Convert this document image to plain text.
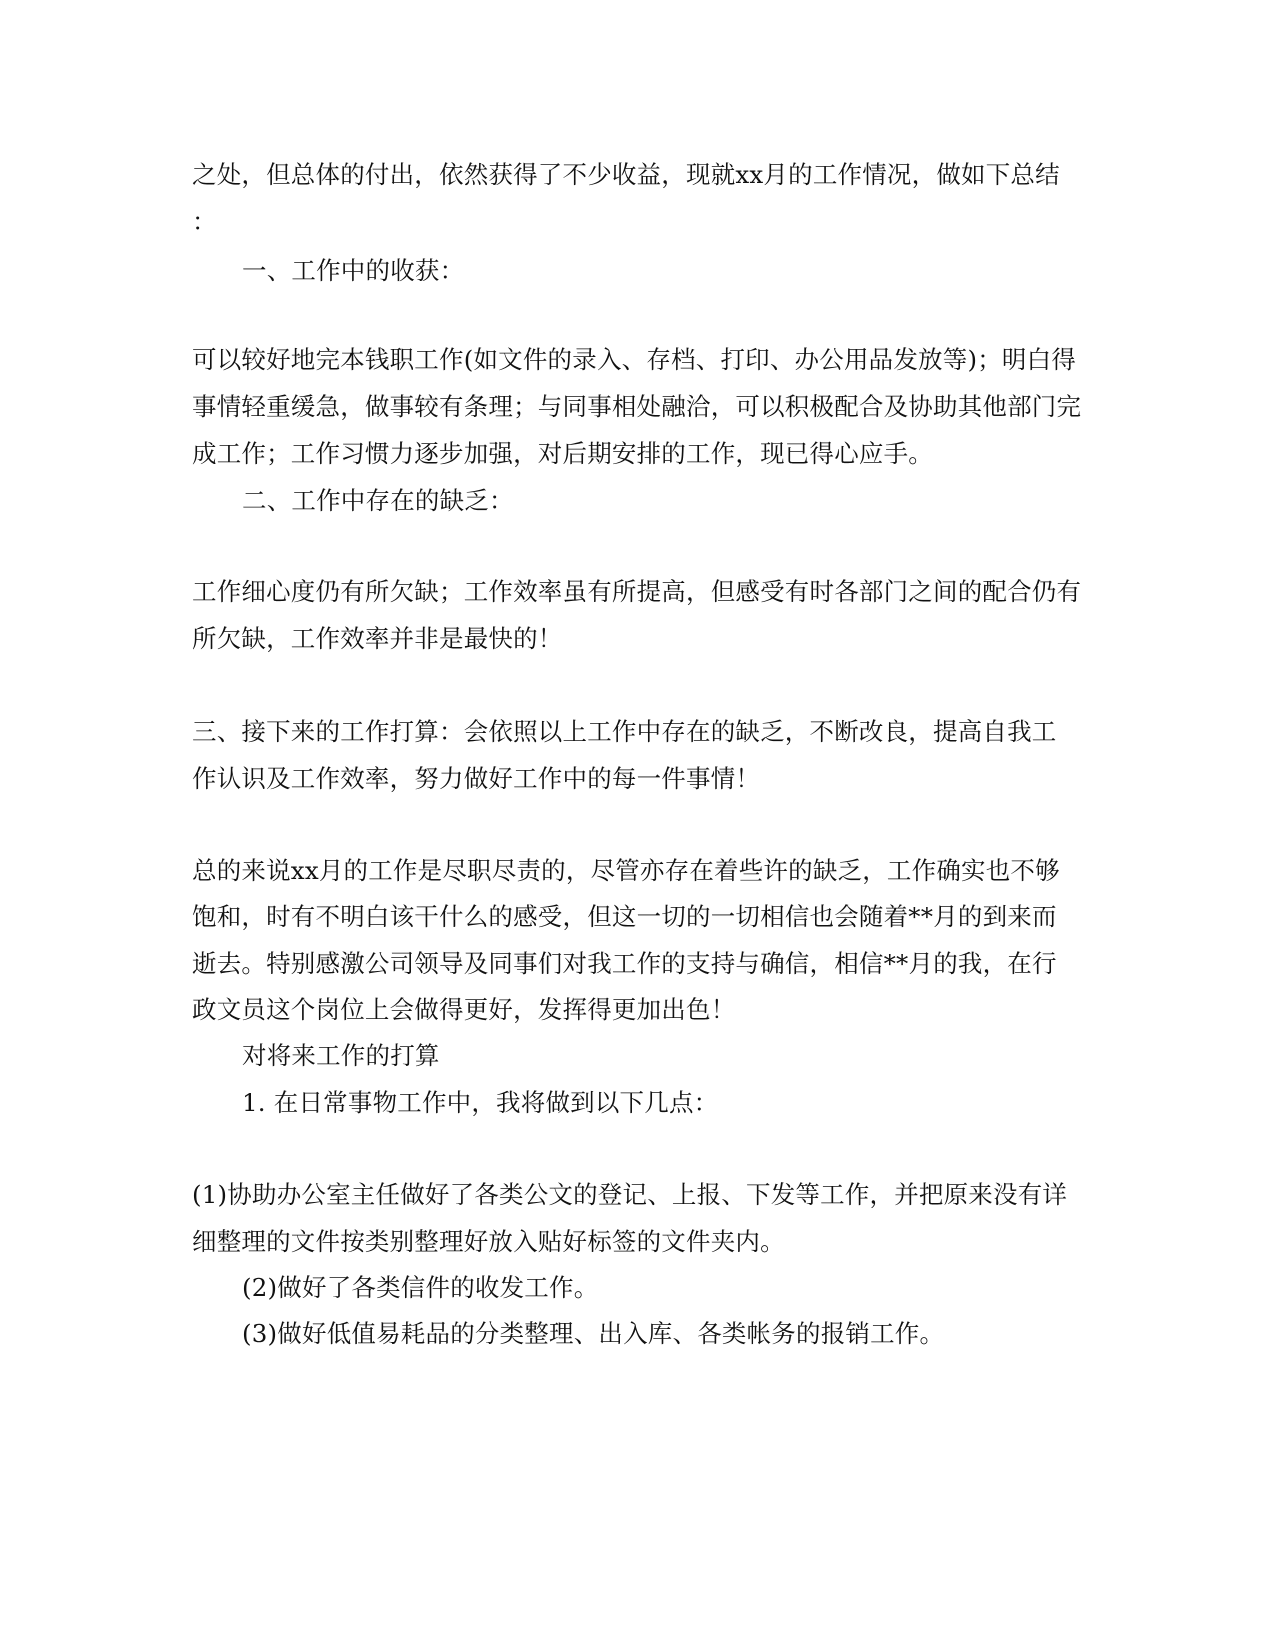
之处，但总体的付出，依然获得了不少收益，现就xx月的工作情况，做如下总结
：
一、工作中的收获：
可以较好地完本钱职工作(如文件的录入、存档、打印、办公用品发放等)；明白得
事情轻重缓急，做事较有条理；与同事相处融洽，可以积极配合及协助其他部门完
成工作；工作习惯力逐步加强，对后期安排的工作，现已得心应手。
二、工作中存在的缺乏：
工作细心度仍有所欠缺；工作效率虽有所提高，但感受有时各部门之间的配合仍有
所欠缺，工作效率并非是最快的！
三、接下来的工作打算：会依照以上工作中存在的缺乏，不断改良，提高自我工
作认识及工作效率，努力做好工作中的每一件事情！
总的来说xx月的工作是尽职尽责的，尽管亦存在着些许的缺乏，工作确实也不够
饱和，时有不明白该干什么的感受，但这一切的一切相信也会随着**月的到来而
逝去。特别感激公司领导及同事们对我工作的支持与确信，相信**月的我，在行
政文员这个岗位上会做得更好，发挥得更加出色！
对将来工作的打算
1. 在日常事物工作中，我将做到以下几点：
(1)协助办公室主任做好了各类公文的登记、上报、下发等工作，并把原来没有详
细整理的文件按类别整理好放入贴好标签的文件夹内。
(2)做好了各类信件的收发工作。
(3)做好低值易耗品的分类整理、出入库、各类帐务的报销工作。
